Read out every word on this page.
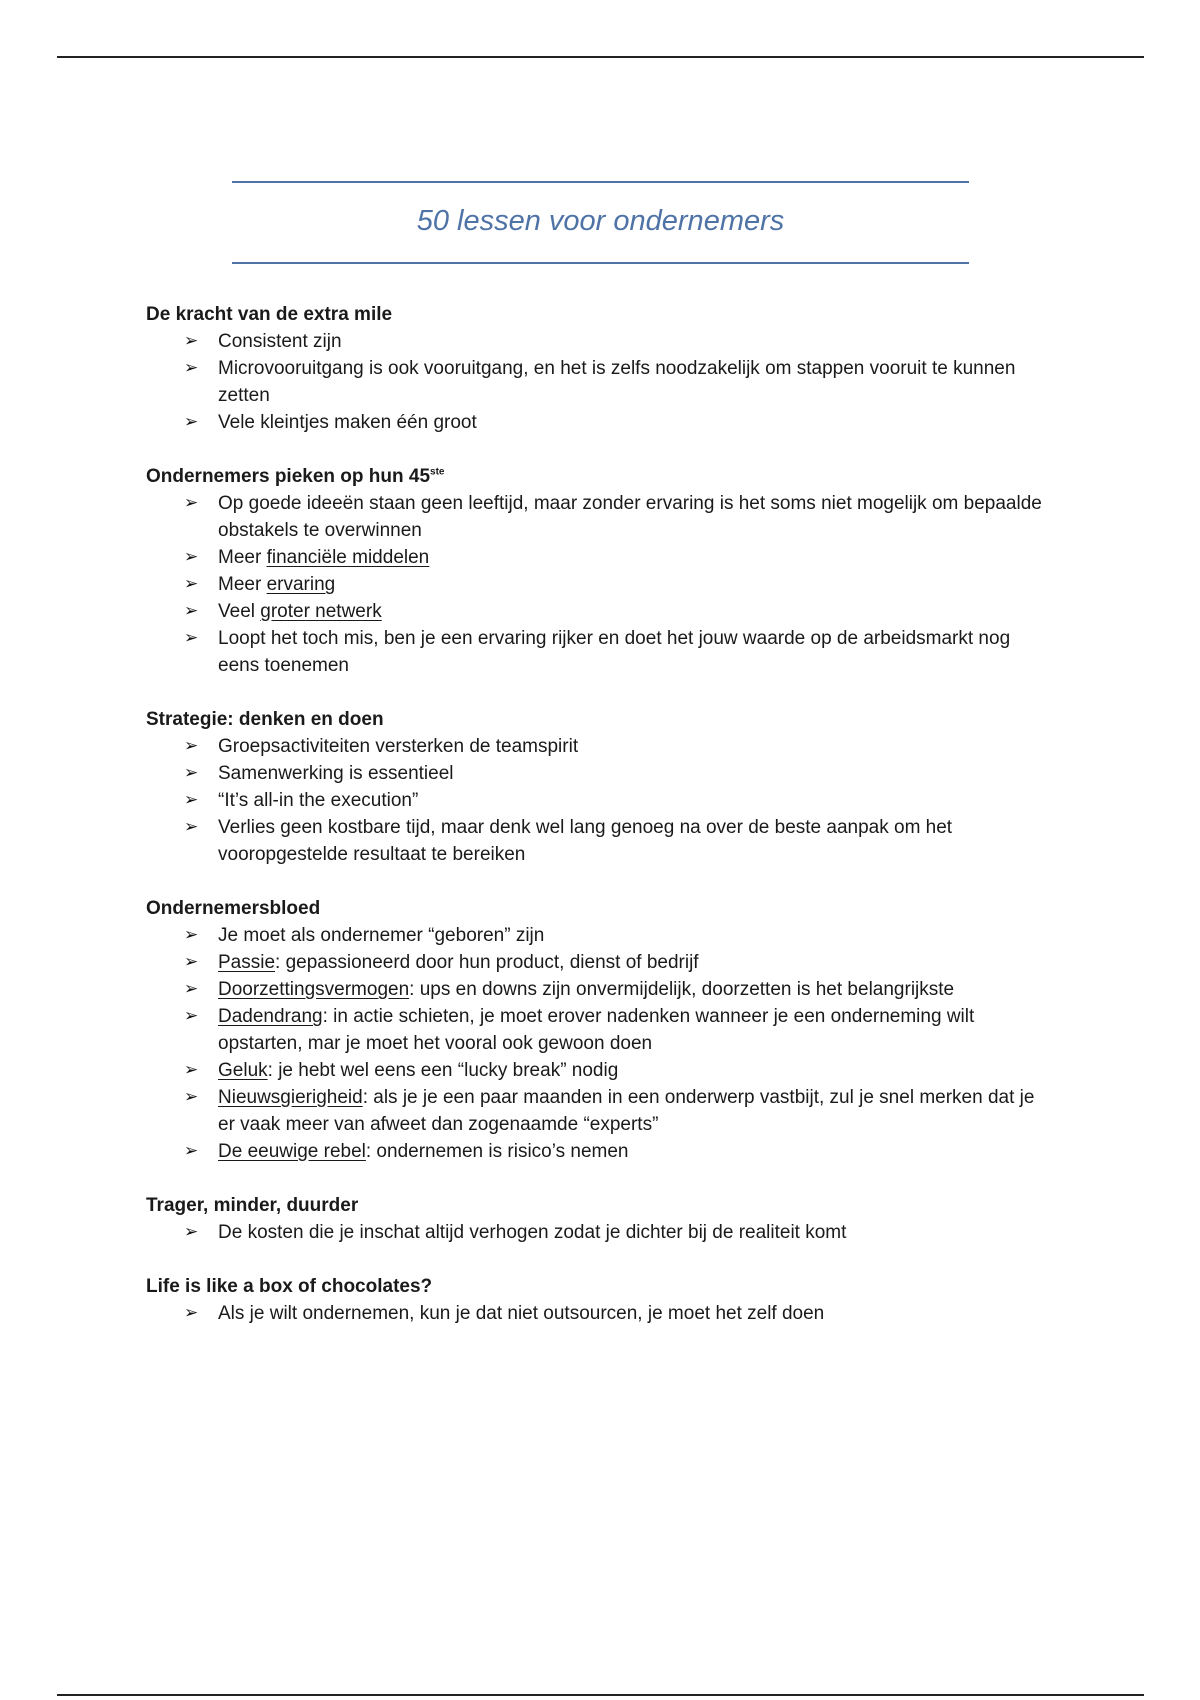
50 lessen voor ondernemers

De kracht van de extra mile

➢ Consistent zijn
➢ Microvooruitgang is ook vooruitgang, en het is zelfs noodzakelijk om stappen vooruit te kunnen zetten
➢ Vele kleintjes maken één groot

Ondernemers pieken op hun 45ste

➢ Op goede ideeën staan geen leeftijd, maar zonder ervaring is het soms niet mogelijk om bepaalde obstakels te overwinnen
➢ Meer financiële middelen
➢ Meer ervaring
➢ Veel groter netwerk
➢ Loopt het toch mis, ben je een ervaring rijker en doet het jouw waarde op de arbeidsmarkt nog eens toenemen

Strategie: denken en doen

➢ Groepsactiviteiten versterken de teamspirit
➢ Samenwerking is essentieel
➢ “It’s all-in the execution”
➢ Verlies geen kostbare tijd, maar denk wel lang genoeg na over de beste aanpak om het vooropgestelde resultaat te bereiken

Ondernemersbloed

➢ Je moet als ondernemer “geboren” zijn
➢ Passie: gepassioneerd door hun product, dienst of bedrijf
➢ Doorzettingsvermogen: ups en downs zijn onvermijdelijk, doorzetten is het belangrijkste
➢ Dadendrang: in actie schieten, je moet erover nadenken wanneer je een onderneming wilt opstarten, mar je moet het vooral ook gewoon doen
➢ Geluk: je hebt wel eens een “lucky break” nodig
➢ Nieuwsgierigheid: als je je een paar maanden in een onderwerp vastbijt, zul je snel merken dat je er vaak meer van afweet dan zogenaamde “experts”
➢ De eeuwige rebel: ondernemen is risico’s nemen

Trager, minder, duurder

➢ De kosten die je inschat altijd verhogen zodat je dichter bij de realiteit komt

Life is like a box of chocolates?

➢ Als je wilt ondernemen, kun je dat niet outsourcen, je moet het zelf doen
